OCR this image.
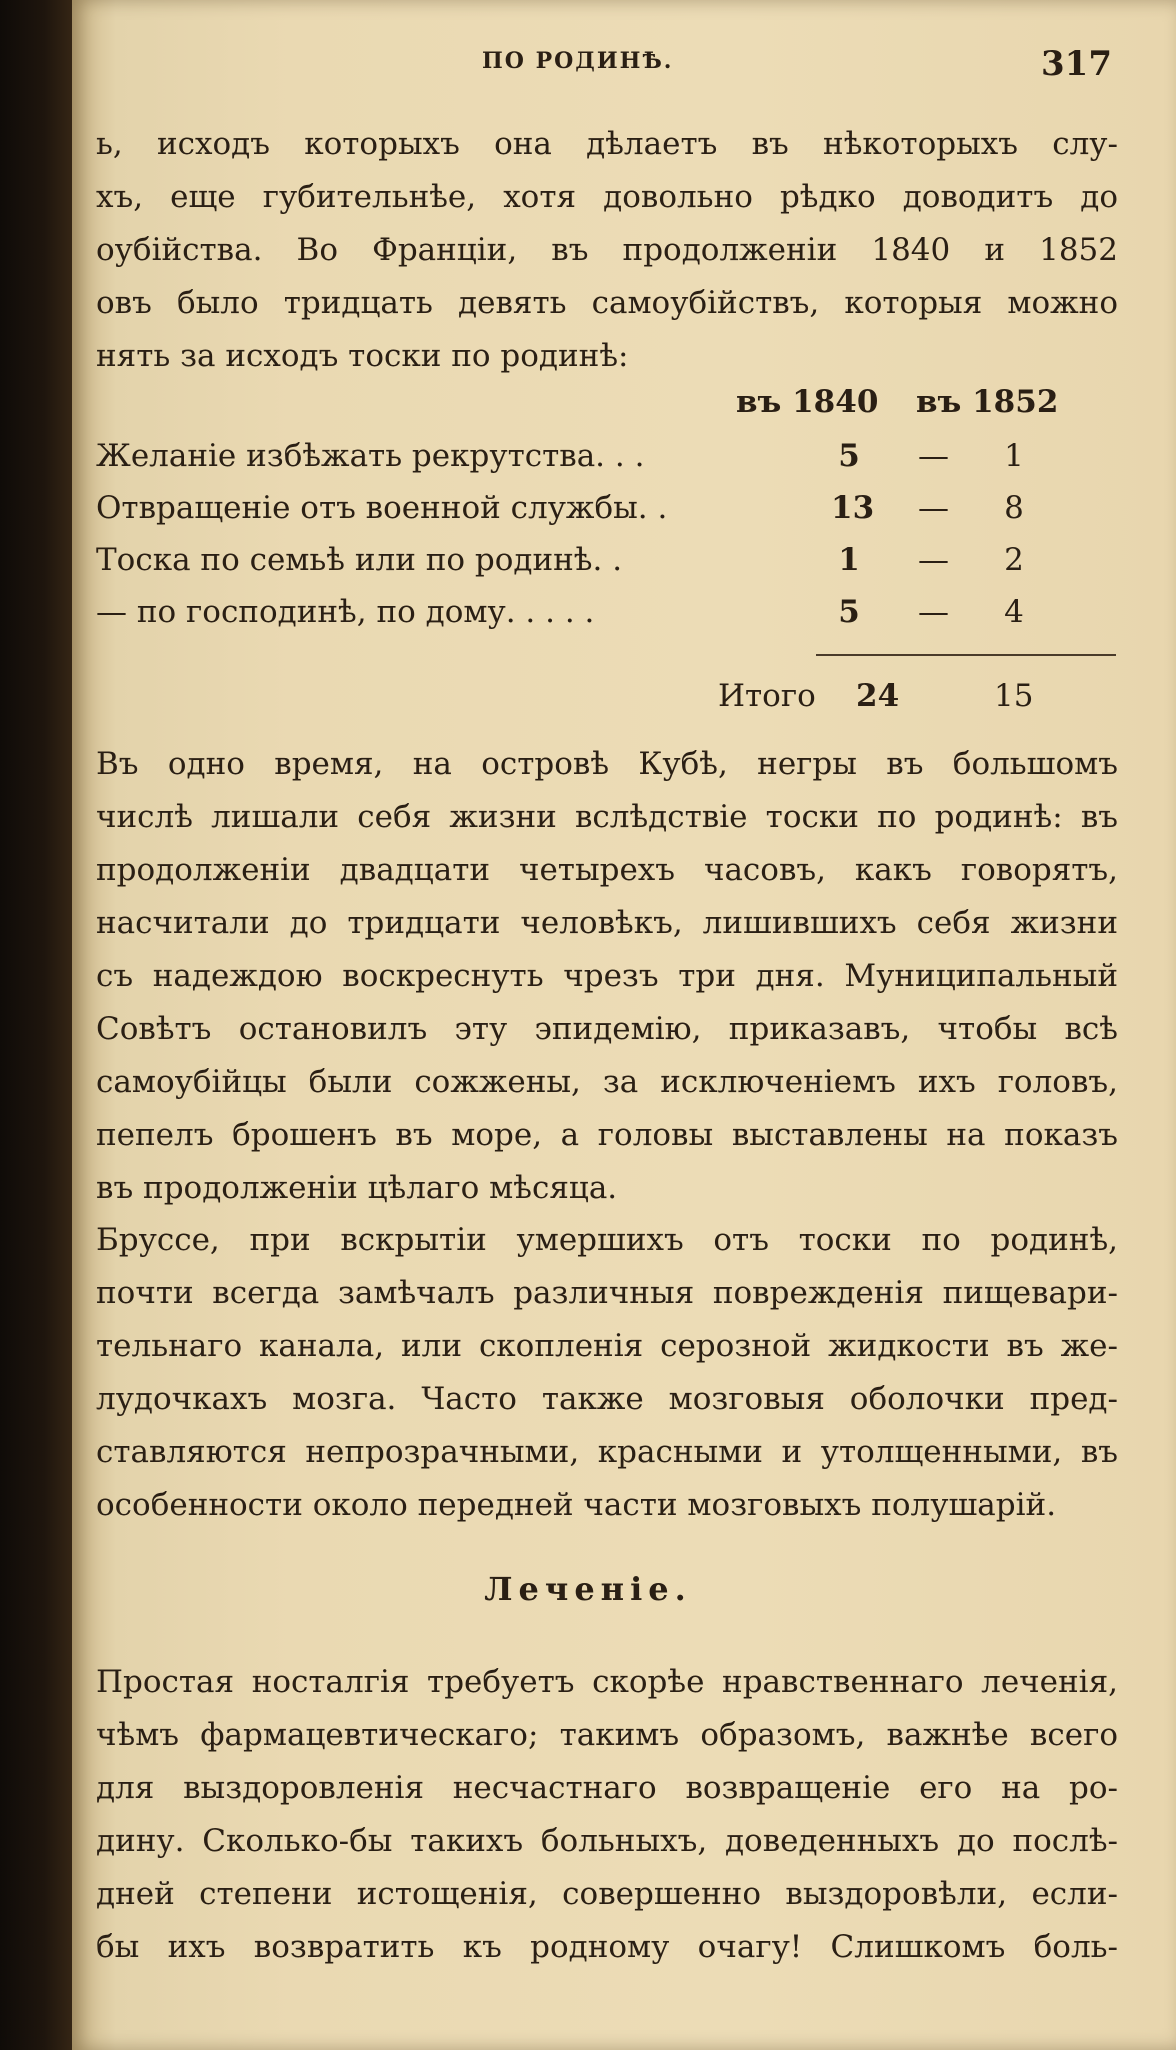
ПО РОДИНѢ.	317
ь, исходъ которыхъ она дѣлаетъ въ нѣкоторыхъ слу-
хъ, еще губительнѣе, хотя довольно рѣдко доводитъ до
оубійства. Во Франціи, въ продолженіи 1840 и 1852
овъ было тридцать девять самоубійствъ, которыя можно
нять за исходъ тоски по родинѣ:
въ 1840 въ 1852
Желаніе избѣжать рекрутства. . .	5 — 1
Отвращеніе отъ военной службы. .	13 — 8
Тоска по семьѣ или по родинѣ. .	1 — 2
— по господинѣ, по дому. . . . .	5 — 4
Итого 24	15
Въ одно время, на островѣ Кубѣ, негры въ большомъ
числѣ лишали себя жизни вслѣдствіе тоски по родинѣ: въ
продолженіи двадцати четырехъ часовъ, какъ говорятъ,
насчитали до тридцати человѣкъ, лишившихъ себя жизни
съ надеждою воскреснуть чрезъ три дня. Муниципальный
Совѣтъ остановилъ эту эпидемію, приказавъ, чтобы всѣ
самоубійцы были сожжены, за исключеніемъ ихъ головъ,
пепелъ брошенъ въ море, а головы выставлены на показъ
въ продолженіи цѣлаго мѣсяца.
Бруссе, при вскрытіи умершихъ отъ тоски по родинѣ,
почти всегда замѣчалъ различныя поврежденія пищевари-
тельнаго канала, или скопленія серозной жидкости въ же-
лудочкахъ мозга. Часто также мозговыя оболочки пред-
ставляются непрозрачными, красными и утолщенными, въ
особенности около передней части мозговыхъ полушарій.
Леченіе.
Простая носталгія требуетъ скорѣе нравственнаго леченія,
чѣмъ фармацевтическаго; такимъ образомъ, важнѣе всего
для выздоровленія несчастнаго возвращеніе его на ро-
дину. Сколько-бы такихъ больныхъ, доведенныхъ до послѣ-
дней степени истощенія, совершенно выздоровѣли, если-
бы ихъ возвратить къ родному очагу! Слишкомъ боль-
